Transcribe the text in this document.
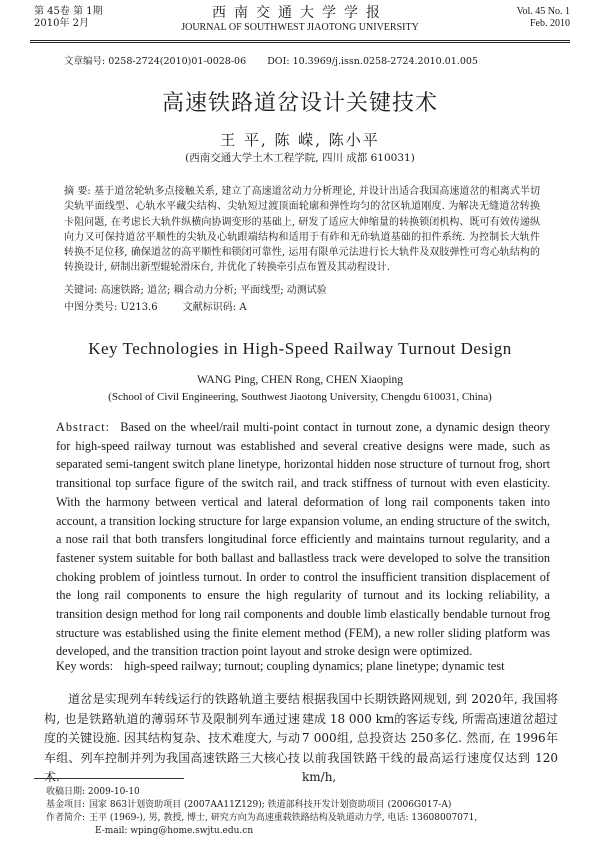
第 45卷 第 1期
2010年 2月
西南交通大学学报
JOURNAL OF SOUTHWEST JIAOTONG UNIVERSITY
Vol. 45 No. 1
Feb. 2010
文章编号: 0258-2724(2010)01-0028-06 DOI: 10.3969/j.issn.0258-2724.2010.01.005
高速铁路道岔设计关键技术
王 平, 陈 嵘, 陈小平
(西南交通大学土木工程学院, 四川 成都 610031)
摘 要: 基于道岔轮轨多点接触关系, 建立了高速道岔动力分析理论, 并设计出适合我国高速道岔的相离式半切尖轨平面线型、心轨水平藏尖结构、尖轨短过渡顶面轮廓和弹性均匀的岔区轨道刚度. 为解决无缝道岔转换卡阻问题, 在考虑长大轨件纵横向协调变形的基础上, 研发了适应大伸缩量的转换锁闭机构、既可有效传递纵向力又可保持道岔平顺性的尖轨及心轨跟端结构和适用于有砟和无砟轨道基础的扣件系统. 为控制长大轨件转换不足位移, 确保道岔的高平顺性和锁闭可靠性, 运用有限单元法进行长大轨件及双肢弹性可弯心轨结构的转换设计, 研制出新型辊轮滑床台, 并优化了转换牵引点布置及其动程设计.
关键词: 高速铁路; 道岔; 耦合动力分析; 平面线型; 动测试验
中图分类号: U213.6	文献标识码: A
Key Technologies in High-Speed Railway Turnout Design
WANG Ping, CHEN Rong, CHEN Xiaoping
(School of Civil Engineering, Southwest Jiaotong University, Chengdu 610031, China)
Abstract: Based on the wheel/rail multi-point contact in turnout zone, a dynamic design theory for high-speed railway turnout was established and several creative designs were made, such as separated semi-tangent switch plane linetype, horizontal hidden nose structure of turnout frog, short transitional top surface figure of the switch rail, and track stiffness of turnout with even elasticity. With the harmony between vertical and lateral deformation of long rail components taken into account, a transition locking structure for large expansion volume, an ending structure of the switch, a nose rail that both transfers longitudinal force efficiently and maintains turnout regularity, and a fastener system suitable for both ballast and ballastless track were developed to solve the transition choking problem of jointless turnout. In order to control the insufficient transition displacement of the long rail components to ensure the high regularity of turnout and its locking reliability, a transition design method for long rail components and double limb elastically bendable turnout frog structure was established using the finite element method (FEM), a new roller sliding platform was developed, and the transition traction point layout and stroke design were optimized.
Key words: high-speed railway; turnout; coupling dynamics; plane linetype; dynamic test
道岔是实现列车转线运行的铁路轨道主要结构, 也是铁路轨道的薄弱环节及限制列车通过速度的关键设施. 因其结构复杂、技术难度大, 与动车组、列车控制并列为我国高速铁路三大核心技术.
根据我国中长期铁路网规划, 到 2020年, 我国将建成 18 000 km的客运专线, 所需高速道岔超过 7 000组, 总投资达 250多亿. 然而, 在 1996年以前我国铁路干线的最高运行速度仅达到 120 km/h,
收稿日期: 2009-10-10
基金项目: 国家 863计划资助项目 (2007AA11Z129); 铁道部科技开发计划资助项目 (2006G017-A)
作者简介: 王平 (1969-), 男, 教授, 博士, 研究方向为高速重载铁路结构及轨道动力学, 电话: 13608007071,
E-mail: wping@home.swjtu.edu.cn
